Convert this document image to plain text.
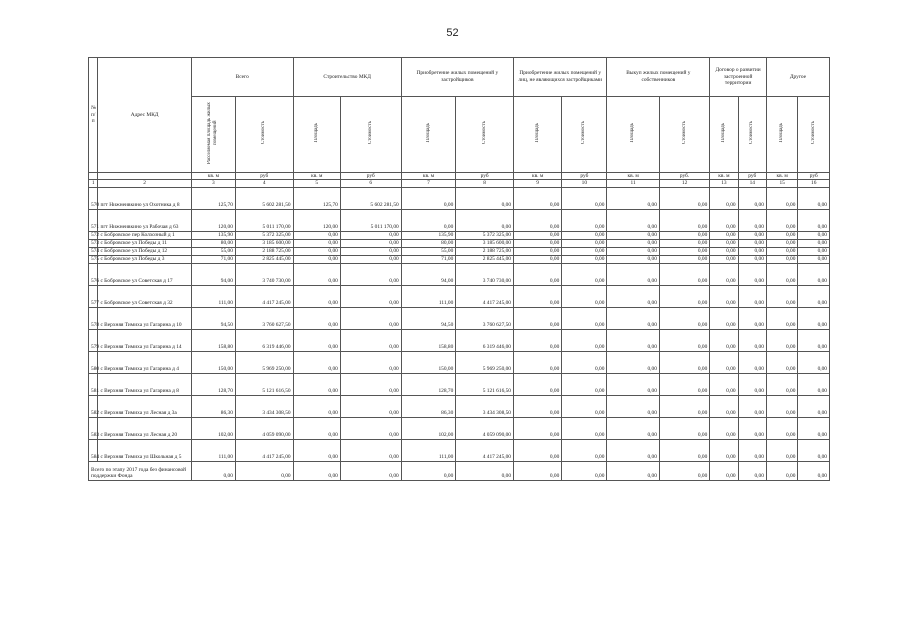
52
№ п/п	Адрес МКД	Всего		Строительство МКД		Приобретение жилых помещений у застройщиков		Приобретение жилых помещений у лиц, не являющихся застройщиками		Выкуп жилых помещений у собственников		Договор о развитии застроенной территории		Другое	
		Расселяемая площадь жилых помещений	Стоимость	Площадь	Стоимость	Площадь	Стоимость	Площадь	Стоимость	Площадь	Стоимость	Площадь	Стоимость	Площадь	Стоимость
		кв. м	руб	кв. м	руб	кв. м	руб	кв. м	руб	кв. м	руб.	кв. м	руб	кв. м	руб
1	2	3	4	5	6	7	8	9	10	11	12	13	14	15	16
570	пгт Нижнеивкино ул Охотника д 8	125,70	5 602 281,50	125,70	5 602 281,50	0,00	0,00	0,00	0,00	0,00	0,00	0,00	0,00	0,00	0,00
571	пгт Нижнеивкино ул Рабочая д 63	120,00	5 011 170,00	120,00	5 011 170,00	0,00	0,00	0,00	0,00	0,00	0,00	0,00	0,00	0,00	0,00
572	с Бобровское пер Колхозный д 1	135,90	5 372 325,00	0,00	0,00	135,90	5 372 325,00	0,00	0,00	0,00	0,00	0,00	0,00	0,00	0,00
573	с Бобровское ул Победы д 11	80,00	3 185 600,00	0,00	0,00	80,00	3 185 600,00	0,00	0,00	0,00	0,00	0,00	0,00	0,00	0,00
574	с Бобровское ул Победы д 12	55,00	2 188 725,00	0,00	0,00	55,00	2 188 725,00	0,00	0,00	0,00	0,00	0,00	0,00	0,00	0,00
575	с Бобровское ул Победы д 3	71,00	2 825 445,00	0,00	0,00	71,00	2 825 445,00	0,00	0,00	0,00	0,00	0,00	0,00	0,00	0,00
576	с Бобровское ул Советская д 17	94,00	3 740 730,00	0,00	0,00	94,00	3 740 730,00	0,00	0,00	0,00	0,00	0,00	0,00	0,00	0,00
577	с Бобровское ул Советская д 32	111,00	4 417 245,00	0,00	0,00	111,00	4 417 245,00	0,00	0,00	0,00	0,00	0,00	0,00	0,00	0,00
578	с Верхняя Тимиха ул Гагарина д 10	94,50	3 760 627,50	0,00	0,00	94,50	3 760 627,50	0,00	0,00	0,00	0,00	0,00	0,00	0,00	0,00
579	с Верхняя Тимиха ул Гагарина д 14	158,80	6 319 446,00	0,00	0,00	158,80	6 319 446,00	0,00	0,00	0,00	0,00	0,00	0,00	0,00	0,00
580	с Верхняя Тимиха ул Гагарина д 4	150,00	5 969 250,00	0,00	0,00	150,00	5 969 250,00	0,00	0,00	0,00	0,00	0,00	0,00	0,00	0,00
581	с Верхняя Тимиха ул Гагарина д 8	128,70	5 121 616,50	0,00	0,00	128,70	5 121 616,50	0,00	0,00	0,00	0,00	0,00	0,00	0,00	0,00
582	с Верхняя Тимиха ул Лесная д 3а	86,30	3 434 308,50	0,00	0,00	86,30	3 434 308,50	0,00	0,00	0,00	0,00	0,00	0,00	0,00	0,00
583	с Верхняя Тимиха ул Лесная д 20	102,00	4 059 090,00	0,00	0,00	102,00	4 059 090,00	0,00	0,00	0,00	0,00	0,00	0,00	0,00	0,00
584	с Верхняя Тимиха ул Школьная д 5	111,00	4 417 245,00	0,00	0,00	111,00	4 417 245,00	0,00	0,00	0,00	0,00	0,00	0,00	0,00	0,00
Всего по этапу 2017 года без финансовой поддержки Фонда		0,00	0,00	0,00	0,00	0,00	0,00	0,00	0,00	0,00	0,00	0,00	0,00	0,00	0,00
